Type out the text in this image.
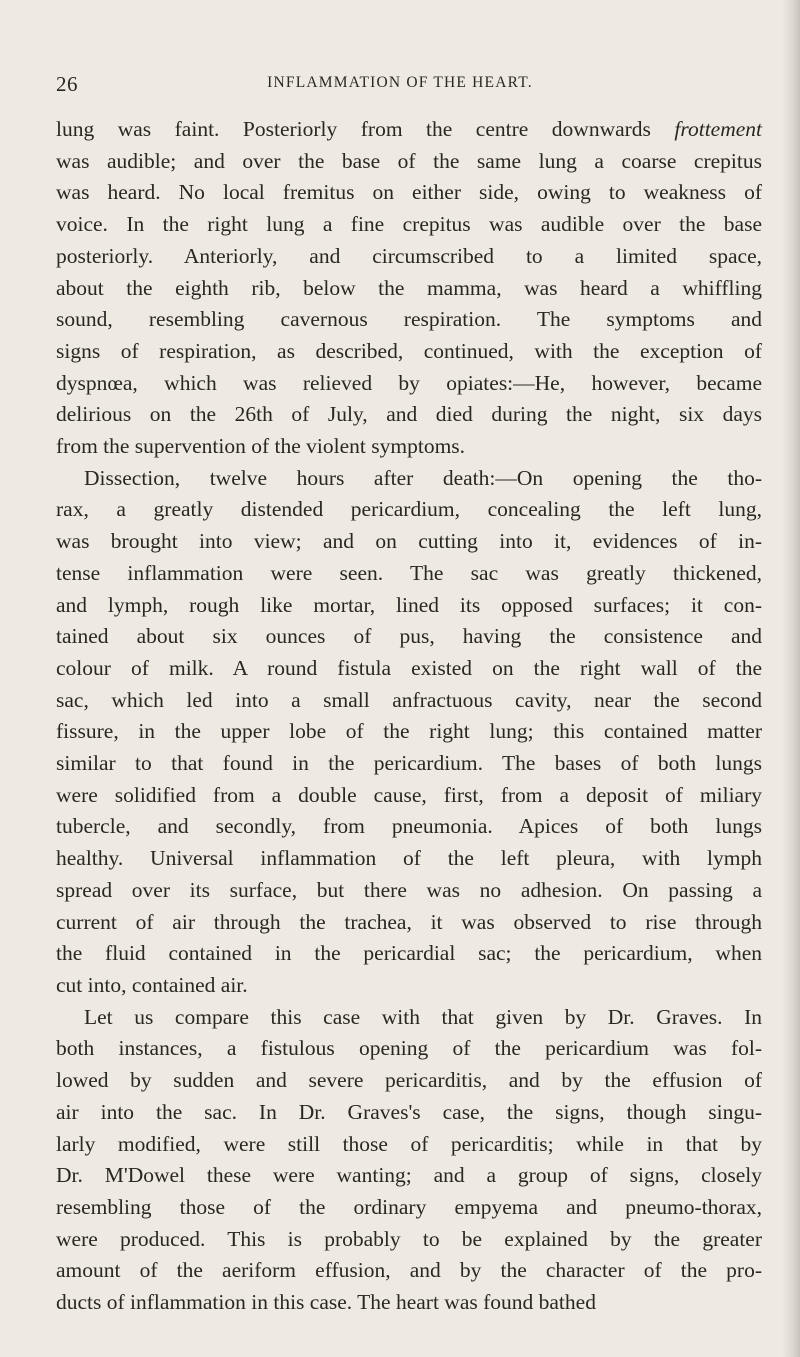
26	INFLAMMATION OF THE HEART.
lung was faint. Posteriorly from the centre downwards frottement
was audible; and over the base of the same lung a coarse crepitus
was heard. No local fremitus on either side, owing to weakness of
voice. In the right lung a fine crepitus was audible over the base
posteriorly. Anteriorly, and circumscribed to a limited space,
about the eighth rib, below the mamma, was heard a whiffling
sound, resembling cavernous respiration. The symptoms and
signs of respiration, as described, continued, with the exception of
dyspnœa, which was relieved by opiates:—He, however, became
delirious on the 26th of July, and died during the night, six days
from the supervention of the violent symptoms.
Dissection, twelve hours after death:—On opening the tho-
rax, a greatly distended pericardium, concealing the left lung,
was brought into view; and on cutting into it, evidences of in-
tense inflammation were seen. The sac was greatly thickened,
and lymph, rough like mortar, lined its opposed surfaces; it con-
tained about six ounces of pus, having the consistence and
colour of milk. A round fistula existed on the right wall of the
sac, which led into a small anfractuous cavity, near the second
fissure, in the upper lobe of the right lung; this contained matter
similar to that found in the pericardium. The bases of both lungs
were solidified from a double cause, first, from a deposit of miliary
tubercle, and secondly, from pneumonia. Apices of both lungs
healthy. Universal inflammation of the left pleura, with lymph
spread over its surface, but there was no adhesion. On passing a
current of air through the trachea, it was observed to rise through
the fluid contained in the pericardial sac; the pericardium, when
cut into, contained air.
Let us compare this case with that given by Dr. Graves. In
both instances, a fistulous opening of the pericardium was fol-
lowed by sudden and severe pericarditis, and by the effusion of
air into the sac. In Dr. Graves's case, the signs, though singu-
larly modified, were still those of pericarditis; while in that by
Dr. M'Dowel these were wanting; and a group of signs, closely
resembling those of the ordinary empyema and pneumo-thorax,
were produced. This is probably to be explained by the greater
amount of the aeriform effusion, and by the character of the pro-
ducts of inflammation in this case. The heart was found bathed
